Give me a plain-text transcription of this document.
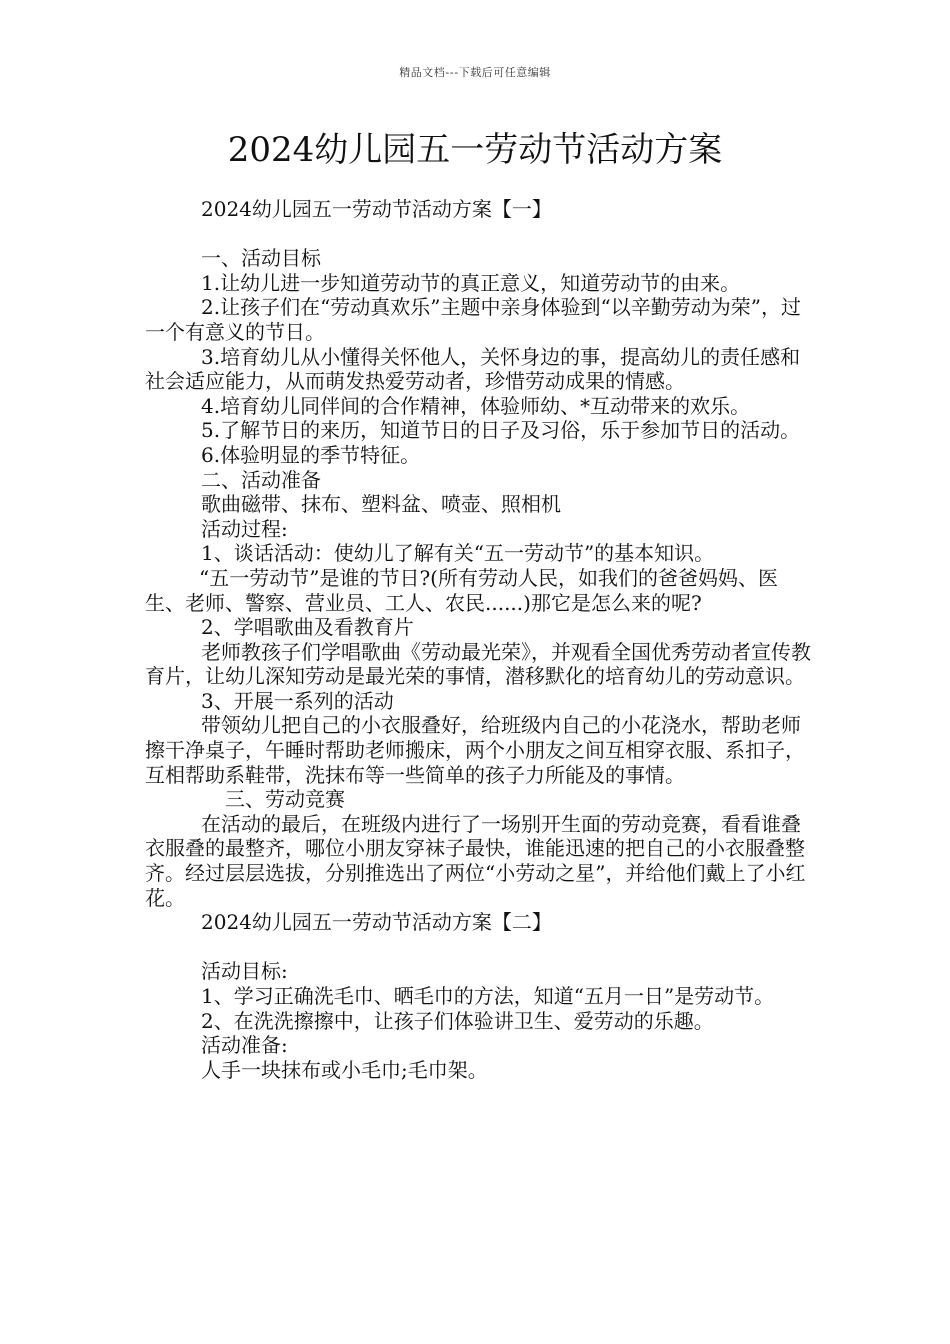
精品文档---下载后可任意编辑
2024幼儿园五一劳动节活动方案

2024幼儿园五一劳动节活动方案【一】

一、活动目标

1.让幼儿进一步知道劳动节的真正意义，知道劳动节的由来。

2.让孩子们在“劳动真欢乐”主题中亲身体验到“以辛勤劳动为荣”，过一个有意义的节日。

3.培育幼儿从小懂得关怀他人，关怀身边的事，提高幼儿的责任感和社会适应能力，从而萌发热爱劳动者，珍惜劳动成果的情感。

4.培育幼儿同伴间的合作精神，体验师幼、*互动带来的欢乐。

5.了解节日的来历，知道节日的日子及习俗，乐于参加节日的活动。

6.体验明显的季节特征。

二、活动准备

歌曲磁带、抹布、塑料盆、喷壶、照相机

活动过程:

1、谈话活动：使幼儿了解有关“五一劳动节”的基本知识。

“五一劳动节”是谁的节日?(所有劳动人民，如我们的爸爸妈妈、医生、老师、警察、营业员、工人、农民......)那它是怎么来的呢?

2、学唱歌曲及看教育片

老师教孩子们学唱歌曲《劳动最光荣》，并观看全国优秀劳动者宣传教育片，让幼儿深知劳动是最光荣的事情，潜移默化的培育幼儿的劳动意识。

3、开展一系列的活动

带领幼儿把自己的小衣服叠好，给班级内自己的小花浇水，帮助老师擦干净桌子，午睡时帮助老师搬床，两个小朋友之间互相穿衣服、系扣子，互相帮助系鞋带，洗抹布等一些简单的孩子力所能及的事情。

三、劳动竞赛

在活动的最后，在班级内进行了一场别开生面的劳动竞赛，看看谁叠衣服叠的最整齐，哪位小朋友穿袜子最快，谁能迅速的把自己的小衣服叠整齐。经过层层选拔，分别推选出了两位“小劳动之星”，并给他们戴上了小红花。

2024幼儿园五一劳动节活动方案【二】

活动目标:

1、学习正确洗毛巾、晒毛巾的方法，知道“五月一日”是劳动节。

2、在洗洗擦擦中，让孩子们体验讲卫生、爱劳动的乐趣。

活动准备:

人手一块抹布或小毛巾;毛巾架。
